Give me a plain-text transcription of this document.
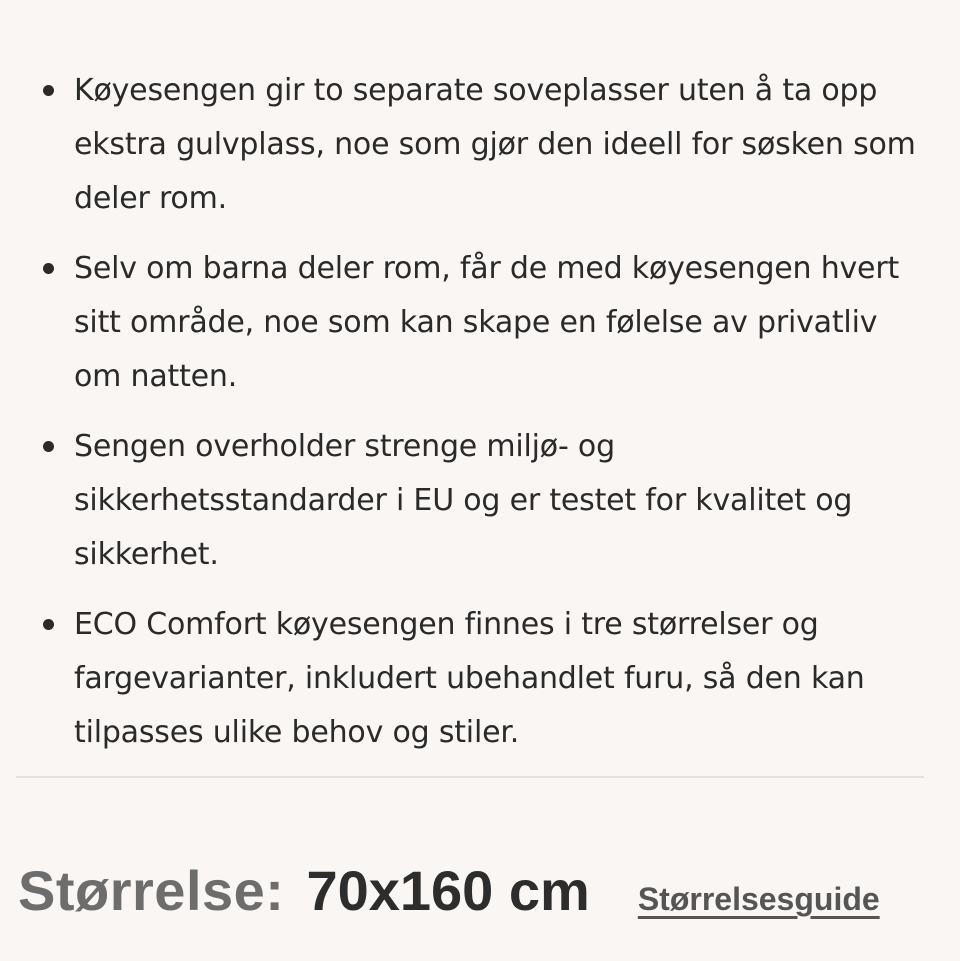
Køyesengen gir to separate soveplasser uten å ta opp ekstra gulvplass, noe som gjør den ideell for søsken som deler rom.
Selv om barna deler rom, får de med køyesengen hvert sitt område, noe som kan skape en følelse av privatliv om natten.
Sengen overholder strenge miljø- og sikkerhetsstandarder i EU og er testet for kvalitet og sikkerhet.
ECO Comfort køyesengen finnes i tre størrelser og fargevarianter, inkludert ubehandlet furu, så den kan tilpasses ulike behov og stiler.
Størrelse: 70x160 cm Størrelsesguide
